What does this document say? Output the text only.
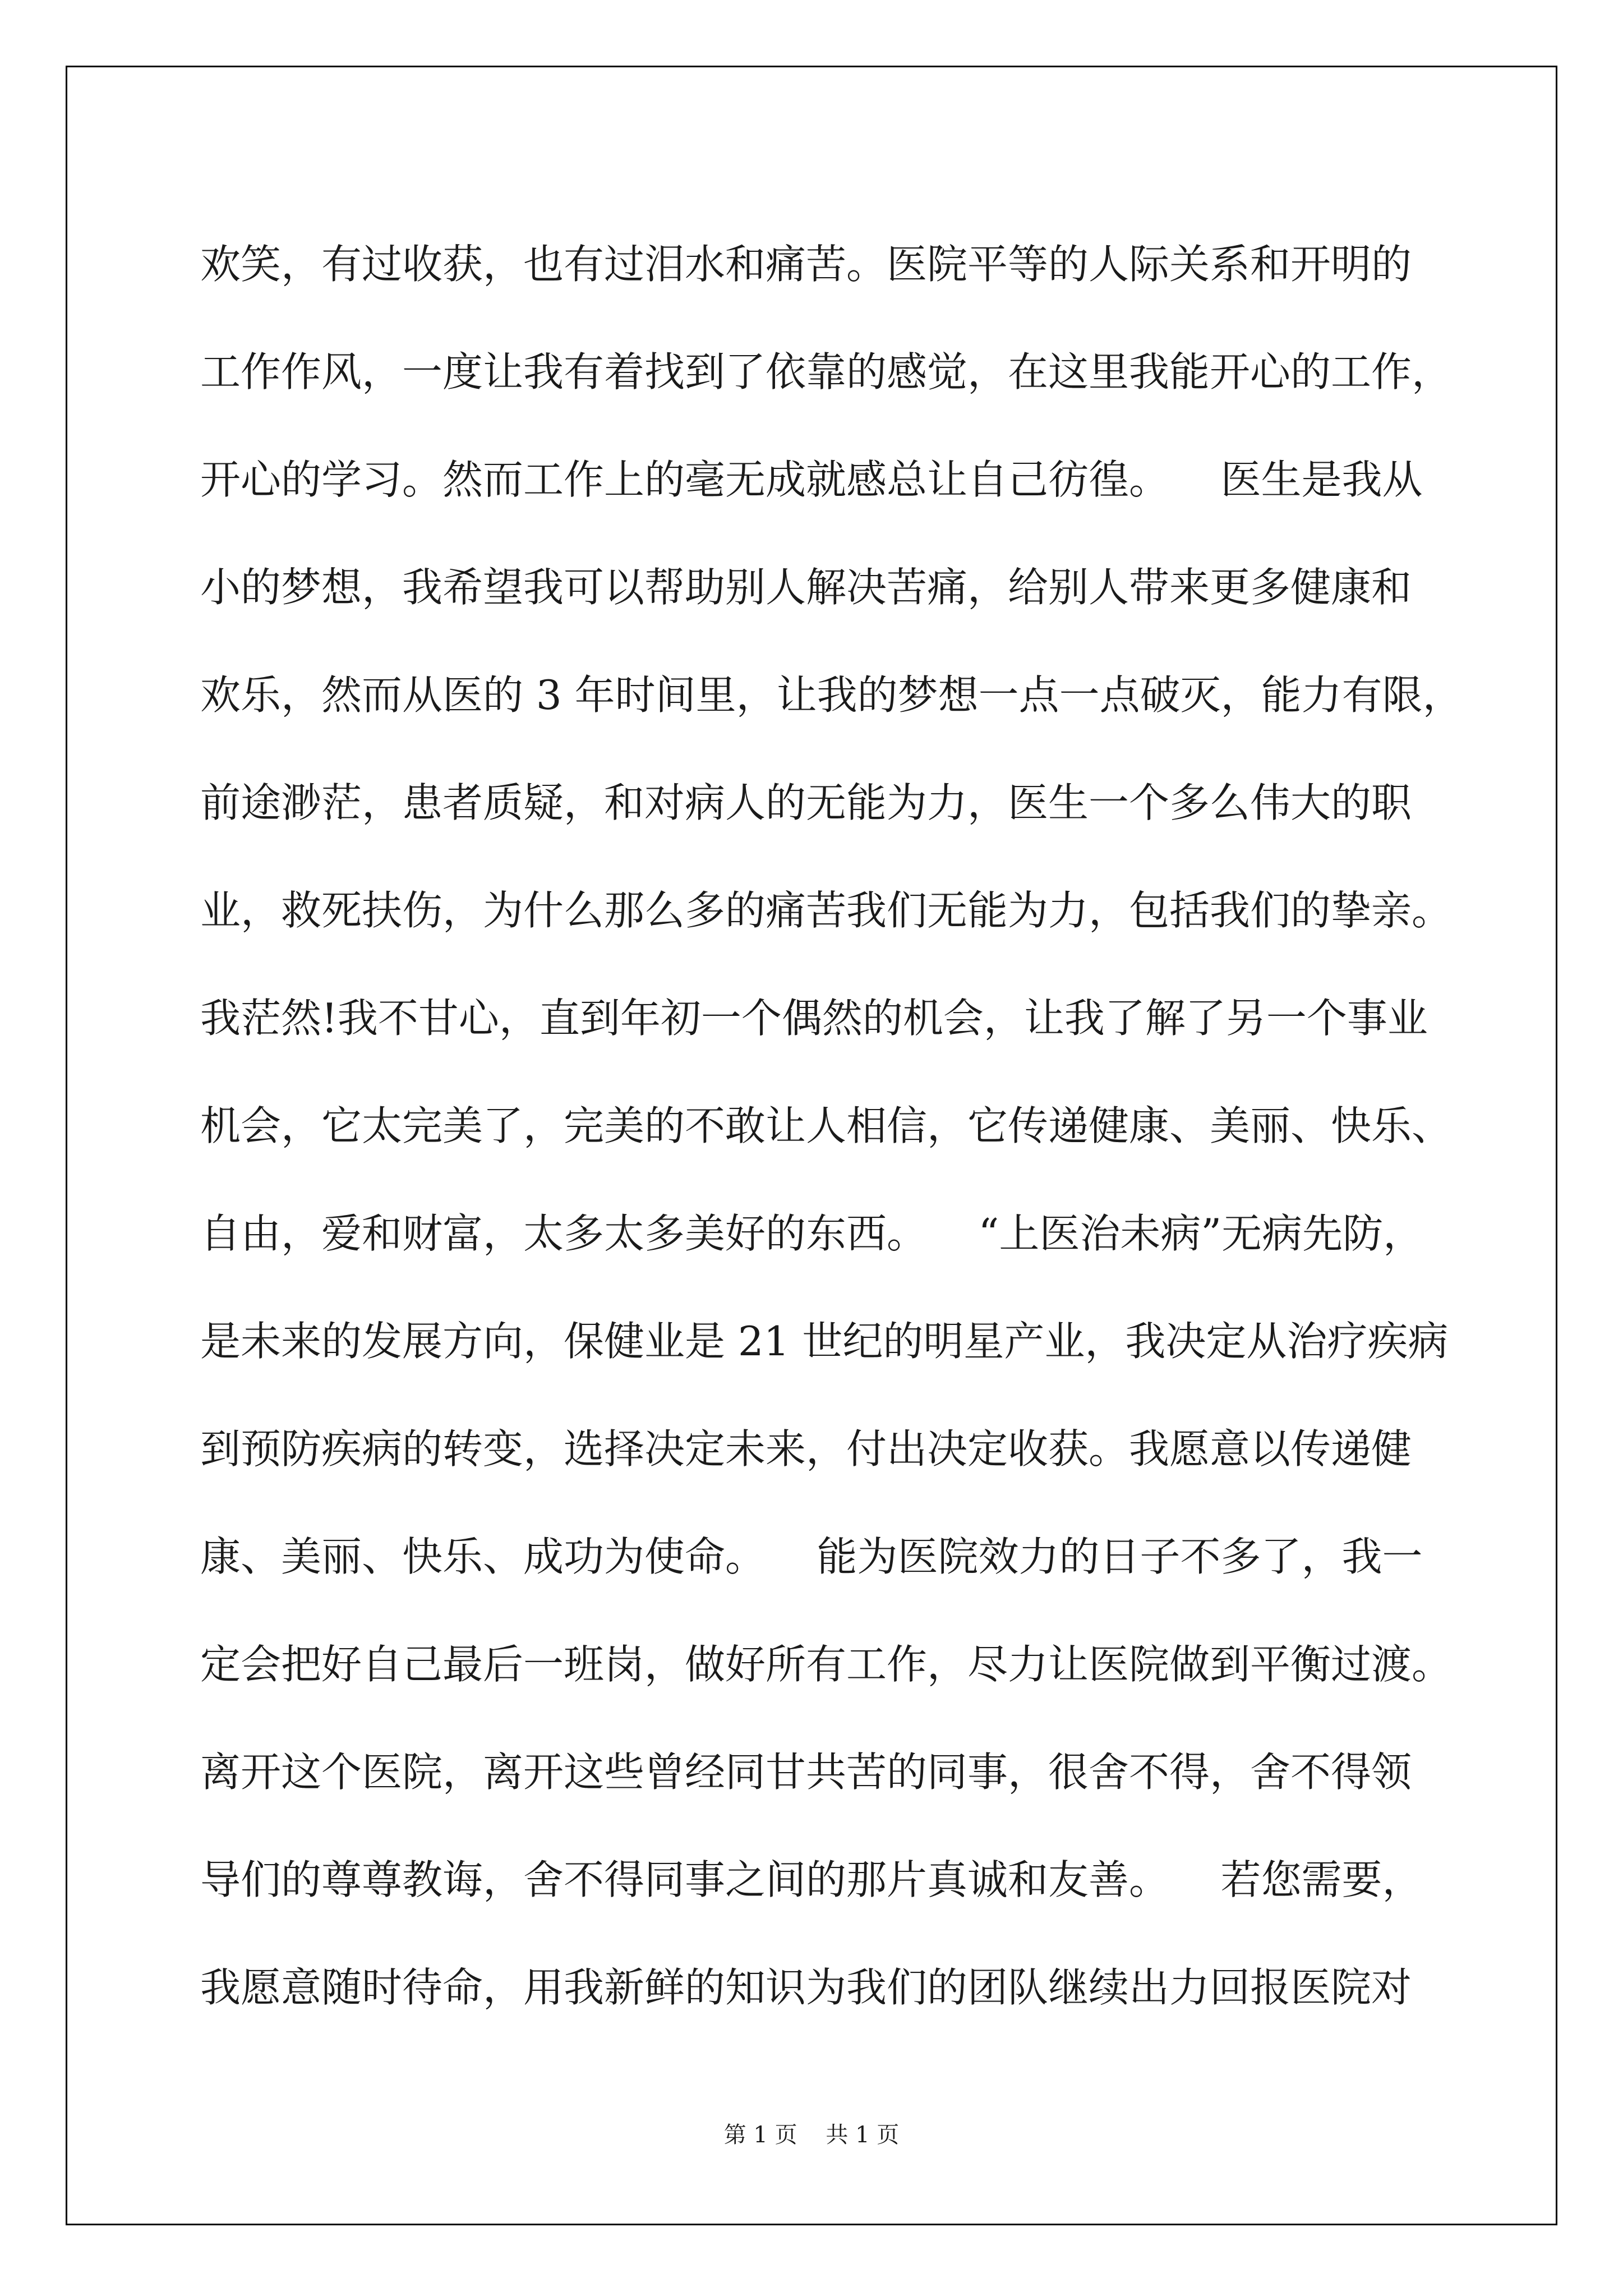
欢笑，有过收获，也有过泪水和痛苦。医院平等的人际关系和开明的
工作作风，一度让我有着找到了依靠的感觉，在这里我能开心的工作，
开心的学习。然而工作上的毫无成就感总让自己彷徨。    医生是我从
小的梦想，我希望我可以帮助别人解决苦痛，给别人带来更多健康和
欢乐，然而从医的 3 年时间里，让我的梦想一点一点破灭，能力有限，
前途渺茫，患者质疑，和对病人的无能为力，医生一个多么伟大的职
业，救死扶伤，为什么那么多的痛苦我们无能为力，包括我们的挚亲。
我茫然!我不甘心，直到年初一个偶然的机会，让我了解了另一个事业
机会，它太完美了，完美的不敢让人相信，它传递健康、美丽、快乐、
自由，爱和财富，太多太多美好的东西。    “上医治未病”无病先防，
是未来的发展方向，保健业是 21 世纪的明星产业，我决定从治疗疾病
到预防疾病的转变，选择决定未来，付出决定收获。我愿意以传递健
康、美丽、快乐、成功为使命。    能为医院效力的日子不多了，我一
定会把好自己最后一班岗，做好所有工作，尽力让医院做到平衡过渡。
离开这个医院，离开这些曾经同甘共苦的同事，很舍不得，舍不得领
导们的尊尊教诲，舍不得同事之间的那片真诚和友善。    若您需要，
我愿意随时待命，用我新鲜的知识为我们的团队继续出力回报医院对
第 1 页    共 1 页
